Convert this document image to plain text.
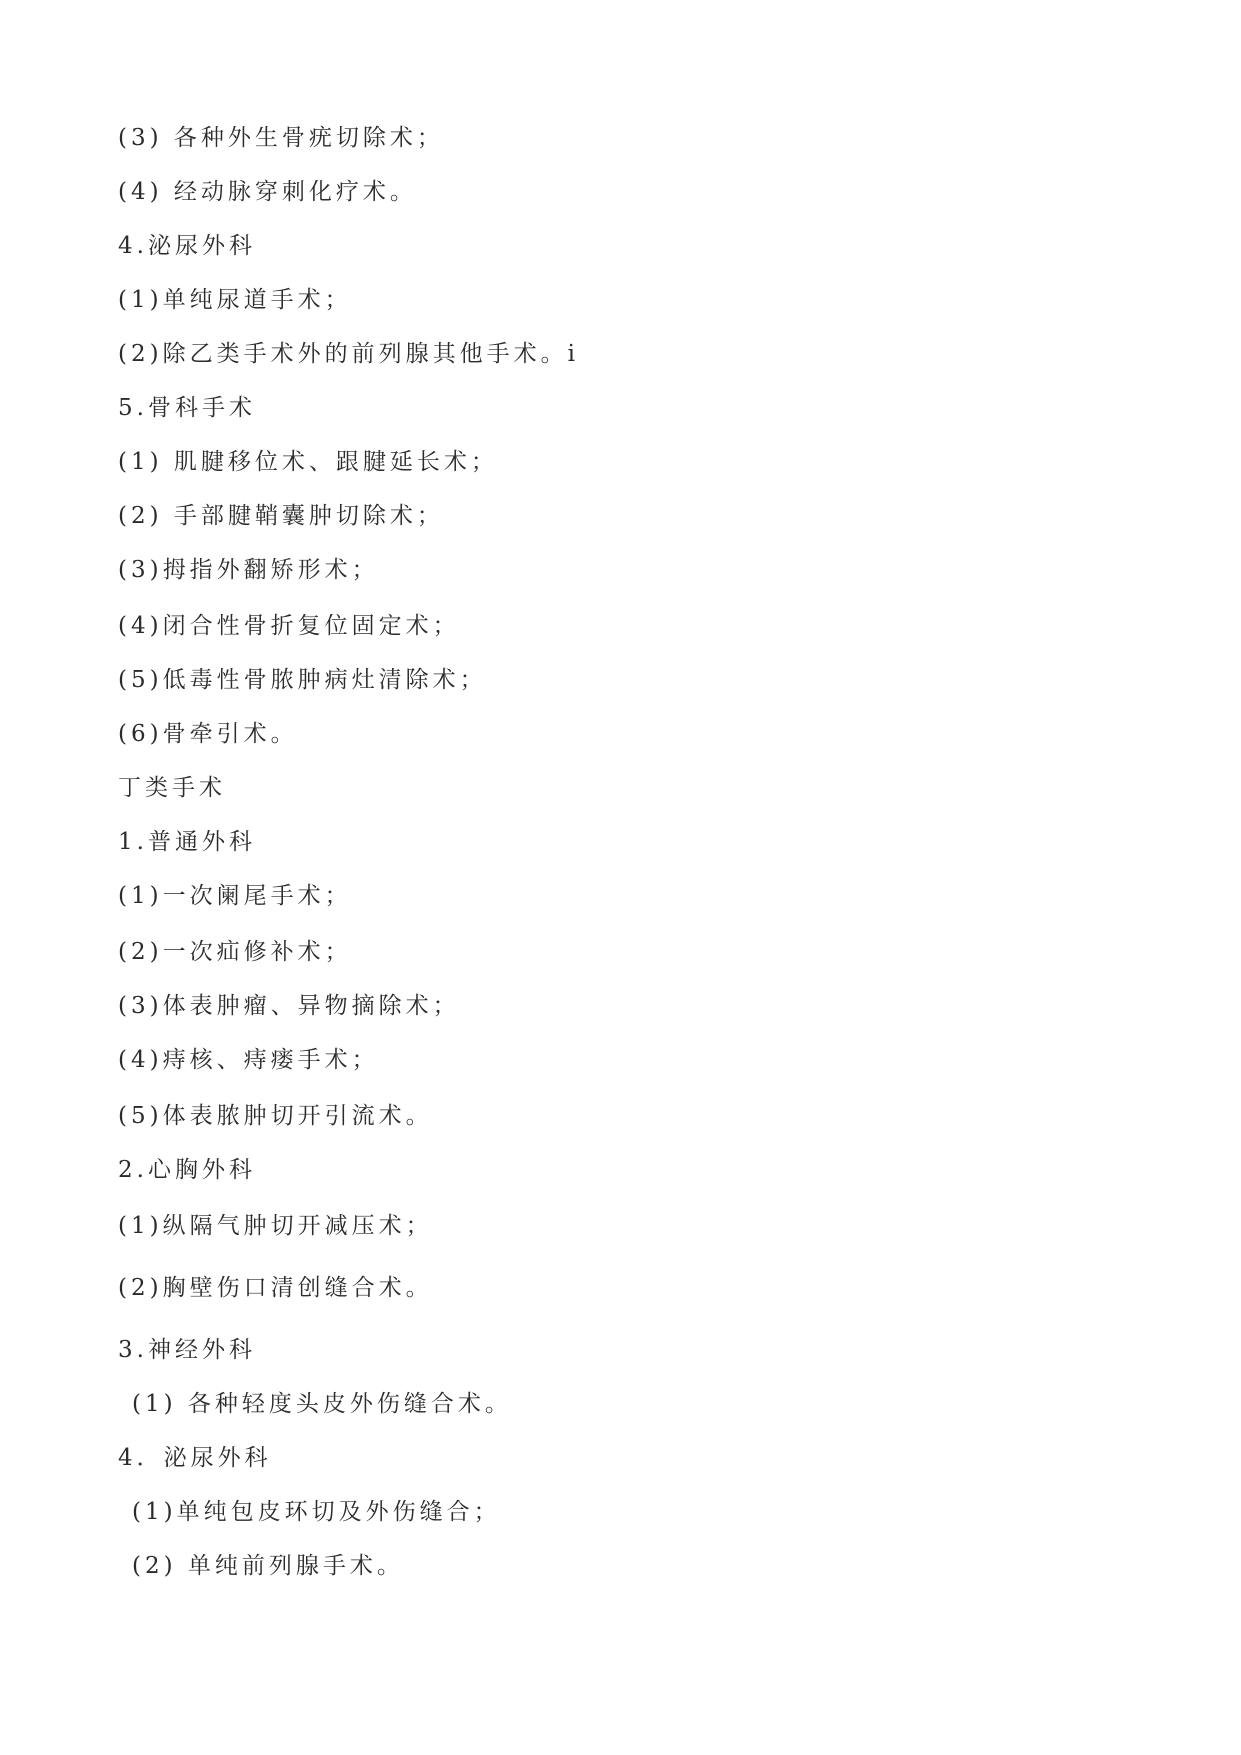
(3) 各种外生骨疣切除术；
(4) 经动脉穿刺化疗术。
4.泌尿外科
(1)单纯尿道手术；
(2)除乙类手术外的前列腺其他手术。i
5.骨科手术
(1) 肌腱移位术、跟腱延长术；
(2) 手部腱鞘囊肿切除术；
(3)拇指外翻矫形术；
(4)闭合性骨折复位固定术；
(5)低毒性骨脓肿病灶清除术；
(6)骨牵引术。
丁类手术
1.普通外科
(1)一次阑尾手术；
(2)一次疝修补术；
(3)体表肿瘤、异物摘除术；
(4)痔核、痔瘘手术；
(5)体表脓肿切开引流术。
2.心胸外科
(1)纵隔气肿切开减压术；
(2)胸壁伤口清创缝合术。
3.神经外科
(1) 各种轻度头皮外伤缝合术。
4．泌尿外科
(1)单纯包皮环切及外伤缝合；
(2) 单纯前列腺手术。
